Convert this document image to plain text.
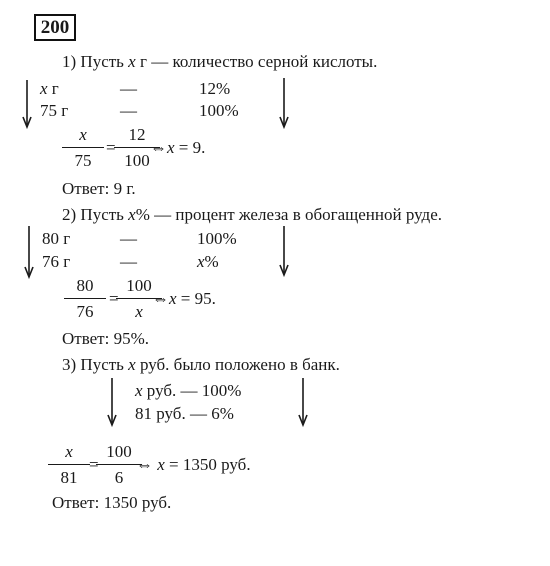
200
1) Пусть x г — количество серной кислоты.
x г	—	12%
75 г	—	100%
x
75
=
12
100
⇔x = 9.
Ответ: 9 г.
2) Пусть x% — процент железа в обогащенной руде.
80 г	—	100%
76 г	—	x%
80
76
=
100
x
⇔x = 95.
Ответ: 95%.
3) Пусть x руб. было положено в банк.
x руб. — 100%
81 руб. — 6%
x
81
=
100
6
⇔ x = 1350 руб.
Ответ: 1350 руб.
